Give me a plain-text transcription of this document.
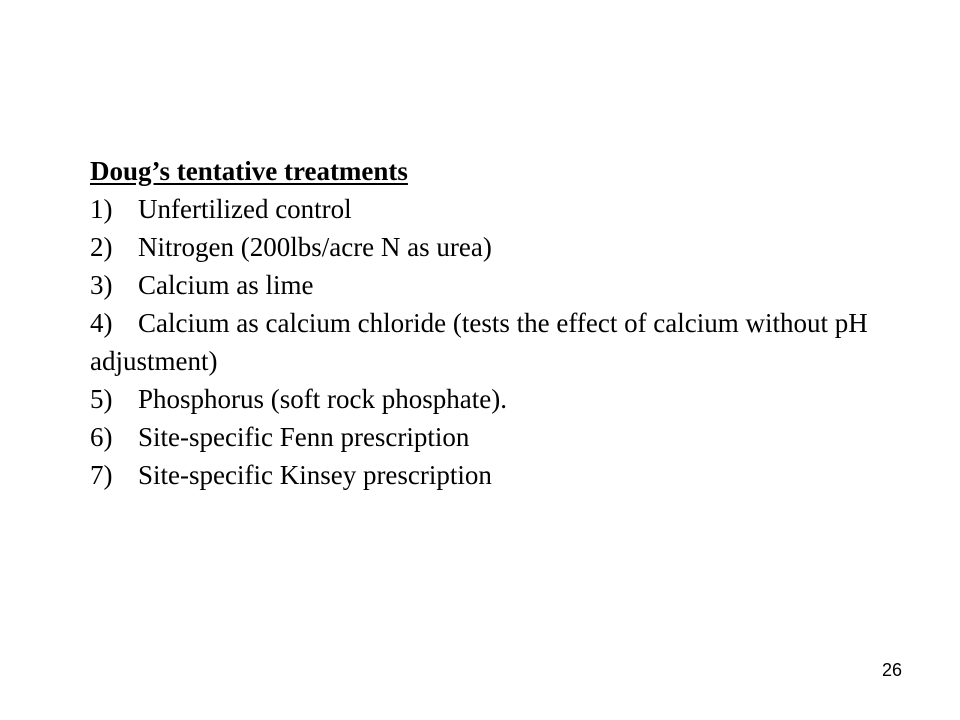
Doug’s tentative treatments
1) Unfertilized control
2) Nitrogen (200lbs/acre N as urea)
3) Calcium as lime
4) Calcium as calcium chloride (tests the effect of calcium without pH adjustment)
5) Phosphorus (soft rock phosphate).
6) Site-specific Fenn prescription
7) Site-specific Kinsey prescription
26
